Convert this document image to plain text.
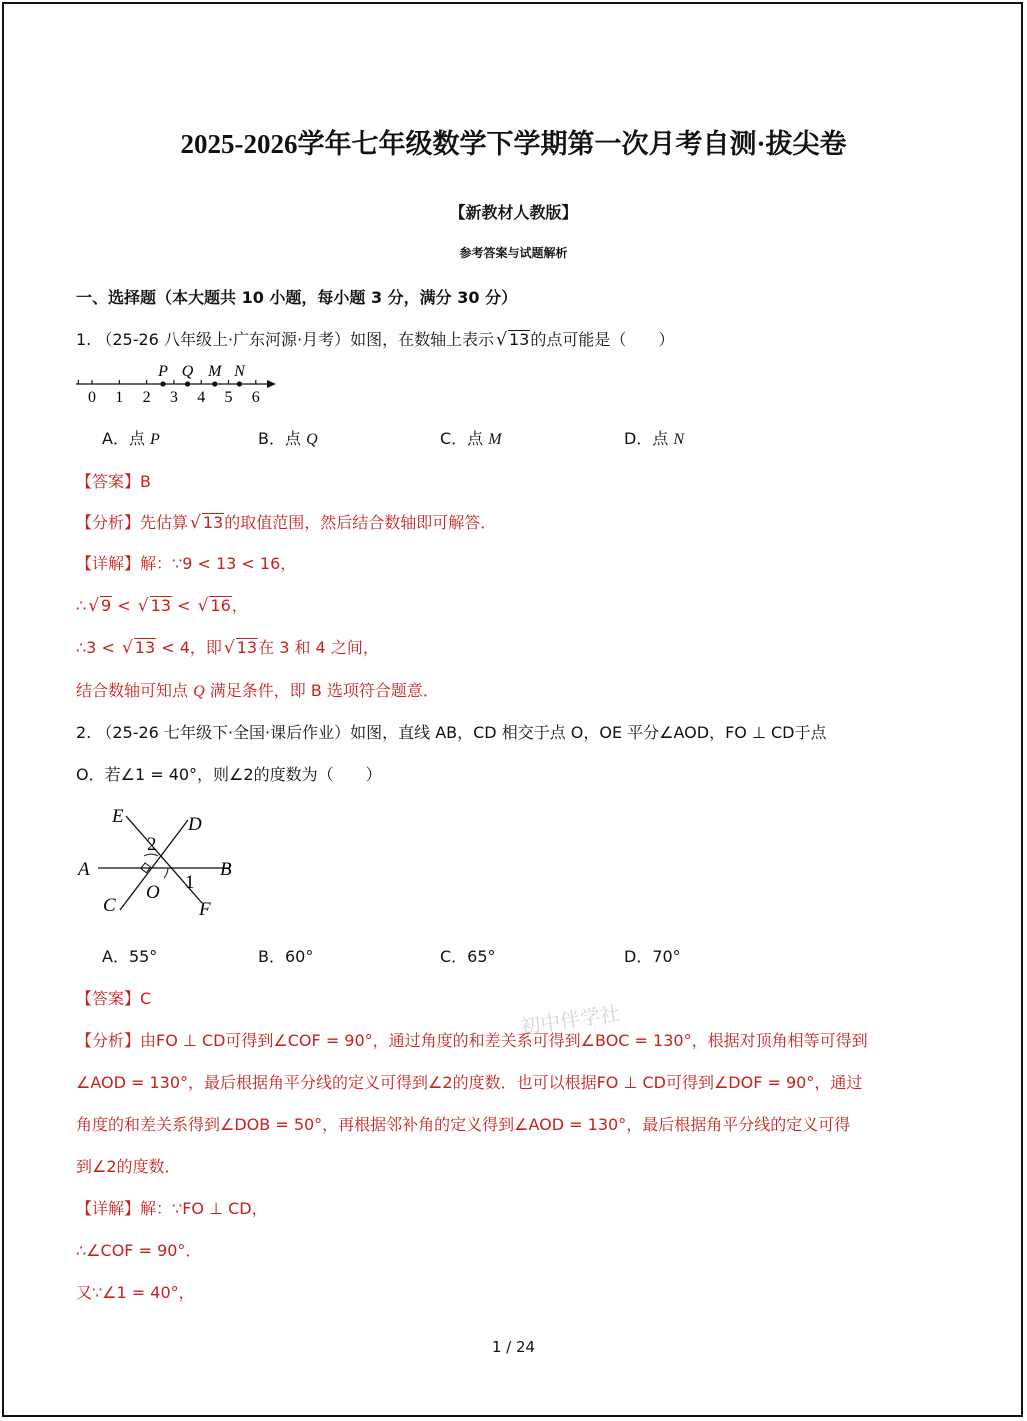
2025-2026学年七年级数学下学期第一次月考自测·拔尖卷
【新教材人教版】
参考答案与试题解析
一、选择题（本大题共 10 小题，每小题 3 分，满分 30 分）
1. （25-26 八年级上·广东河源·月考）如图，在数轴上表示 √ 13的点可能是（　　）
0 1 2 3 4 5 6
P Q M N
A．点 P	B．点 Q	C．点 M	D．点 N
【答案】B
【分析】先估算 √ 13的取值范围，然后结合数轴即可解答．
【详解】解：∵9 < 13 < 16，
∴ √ 9 < √ 13 < √ 16，
∴3 < √ 13 < 4，即 √ 13在 3 和 4 之间，
结合数轴可知点 Q 满足条件，即 B 选项符合题意．
2. （25-26 七年级下·全国·课后作业）如图，直线 AB，CD 相交于点 O，OE 平分∠AOD，FO ⊥ CD于点
O．若∠1 = 40°，则∠2的度数为（　　）
E	D
A	B
C
O
F
2
1
A．55°	B．60°	C．65°	D．70°
初中伴学社
【答案】C
【分析】由FO ⊥ CD可得到∠COF = 90°，通过角度的和差关系可得到∠BOC = 130°，根据对顶角相等可得到
∠AOD = 130°，最后根据角平分线的定义可得到∠2的度数．也可以根据FO ⊥ CD可得到∠DOF = 90°，通过
角度的和差关系得到∠DOB = 50°，再根据邻补角的定义得到∠AOD = 130°，最后根据角平分线的定义可得
到∠2的度数．
【详解】解：∵FO ⊥ CD，
∴∠COF = 90°．
又∵∠1 = 40°，
1 / 24
